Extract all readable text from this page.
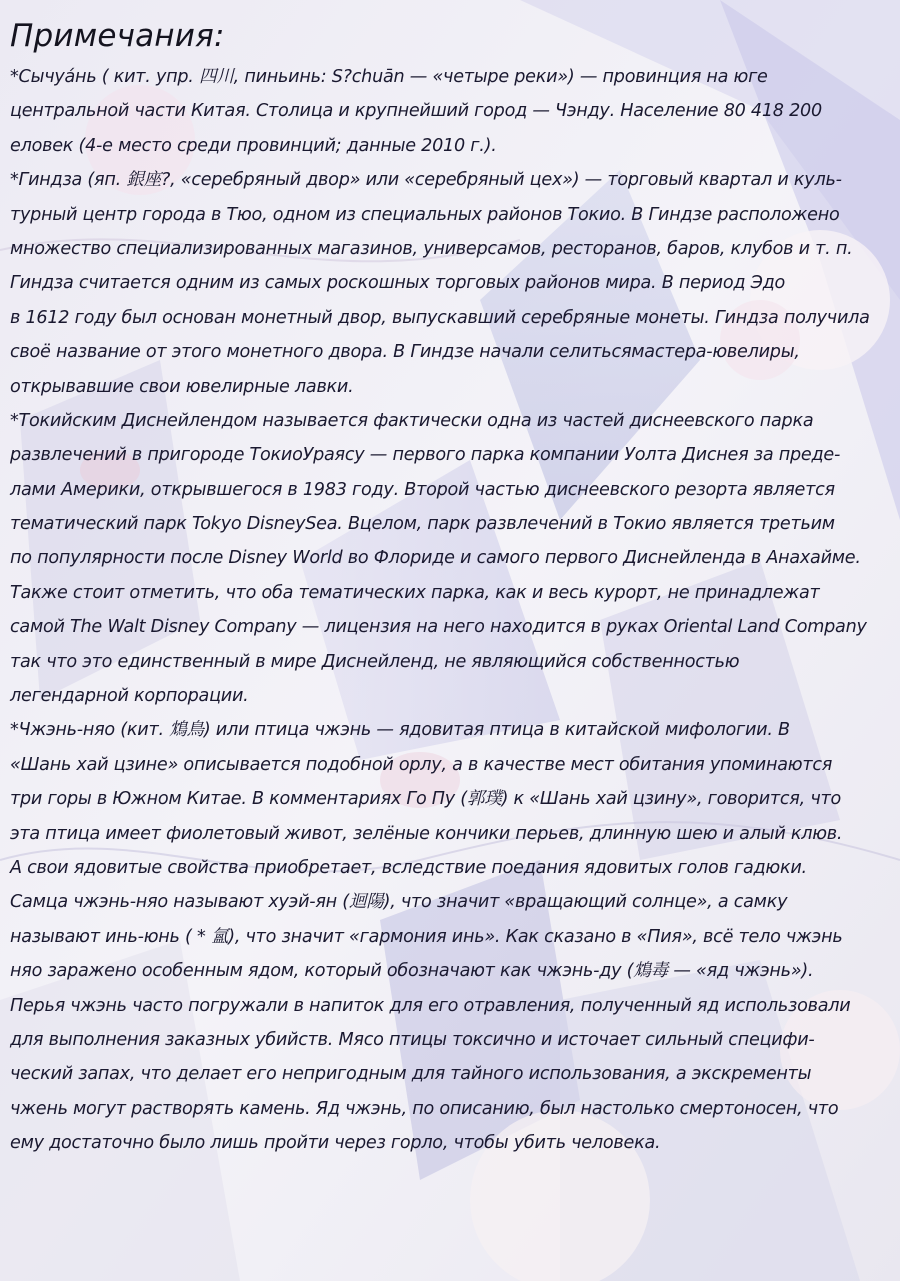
Примечания:
*Сычуа́нь ( кит. упр. 四川, пиньинь: S?chuān — «четыре реки») — провинция на юге
центральной части Китая. Столица и крупнейший город — Чэнду. Население 80 418 200
еловек (4-е место среди провинций; данные 2010 г.).
*Гиндза (яп. 銀座?, «серебряный двор» или «серебряный цех») — торговый квартал и куль-
турный центр города в Тюо, одном из специальных районов Токио. В Гиндзе расположено
множество специализированных магазинов, универсамов, ресторанов, баров, клубов и т. п.
Гиндза считается одним из самых роскошных торговых районов мира. В период Эдо
в 1612 году был основан монетный двор, выпускавший серебряные монеты. Гиндза получила
своё название от этого монетного двора. В Гиндзе начали селитьсямастера-ювелиры,
открывавшие свои ювелирные лавки.
*Токийским Диснейлендом называется фактически одна из частей диснеевского парка
развлечений в пригороде ТокиоУраясу — первого парка компании Уолта Диснея за преде-
лами Америки, открывшегося в 1983 году. Второй частью диснеевского резорта является
тематический парк Tokyo DisneySea. Вцелом, парк развлечений в Токио является третьим
по популярности после Disney World во Флориде и самого первого Диснейленда в Анахайме.
Также стоит отметить, что оба тематических парка, как и весь курорт, не принадлежат
самой The Walt Disney Company — лицензия на него находится в руках Oriental Land Company
так что это единственный в мире Диснейленд, не являющийся собственностью
легендарной корпорации.
*Чжэнь-няо (кит. 鴆鳥) или птица чжэнь — ядовитая птица в китайской мифологии. В
«Шань хай цзине» описывается подобной орлу, а в качестве мест обитания упоминаются
три горы в Южном Китае. В комментариях Го Пу (郭璞) к «Шань хай цзину», говорится, что
эта птица имеет фиолетовый живот, зелёные кончики перьев, длинную шею и алый клюв.
А свои ядовитые свойства приобретает, вследствие поедания ядовитых голов гадюки.
Самца чжэнь-няо называют хуэй-ян (迴陽), что значит «вращающий солнце», а самку
называют инь-юнь ( * 氳), что значит «гармония инь». Как сказано в «Пия», всё тело чжэнь
няо заражено особенным ядом, который обозначают как чжэнь-ду (鴆毒 — «яд чжэнь»).
Перья чжэнь часто погружали в напиток для его отравления, полученный яд использовали
для выполнения заказных убийств. Мясо птицы токсично и источает сильный специфи-
ческий запах, что делает его непригодным для тайного использования, а экскременты
чжень могут растворять камень. Яд чжэнь, по описанию, был настолько смертоносен, что
ему достаточно было лишь пройти через горло, чтобы убить человека.
